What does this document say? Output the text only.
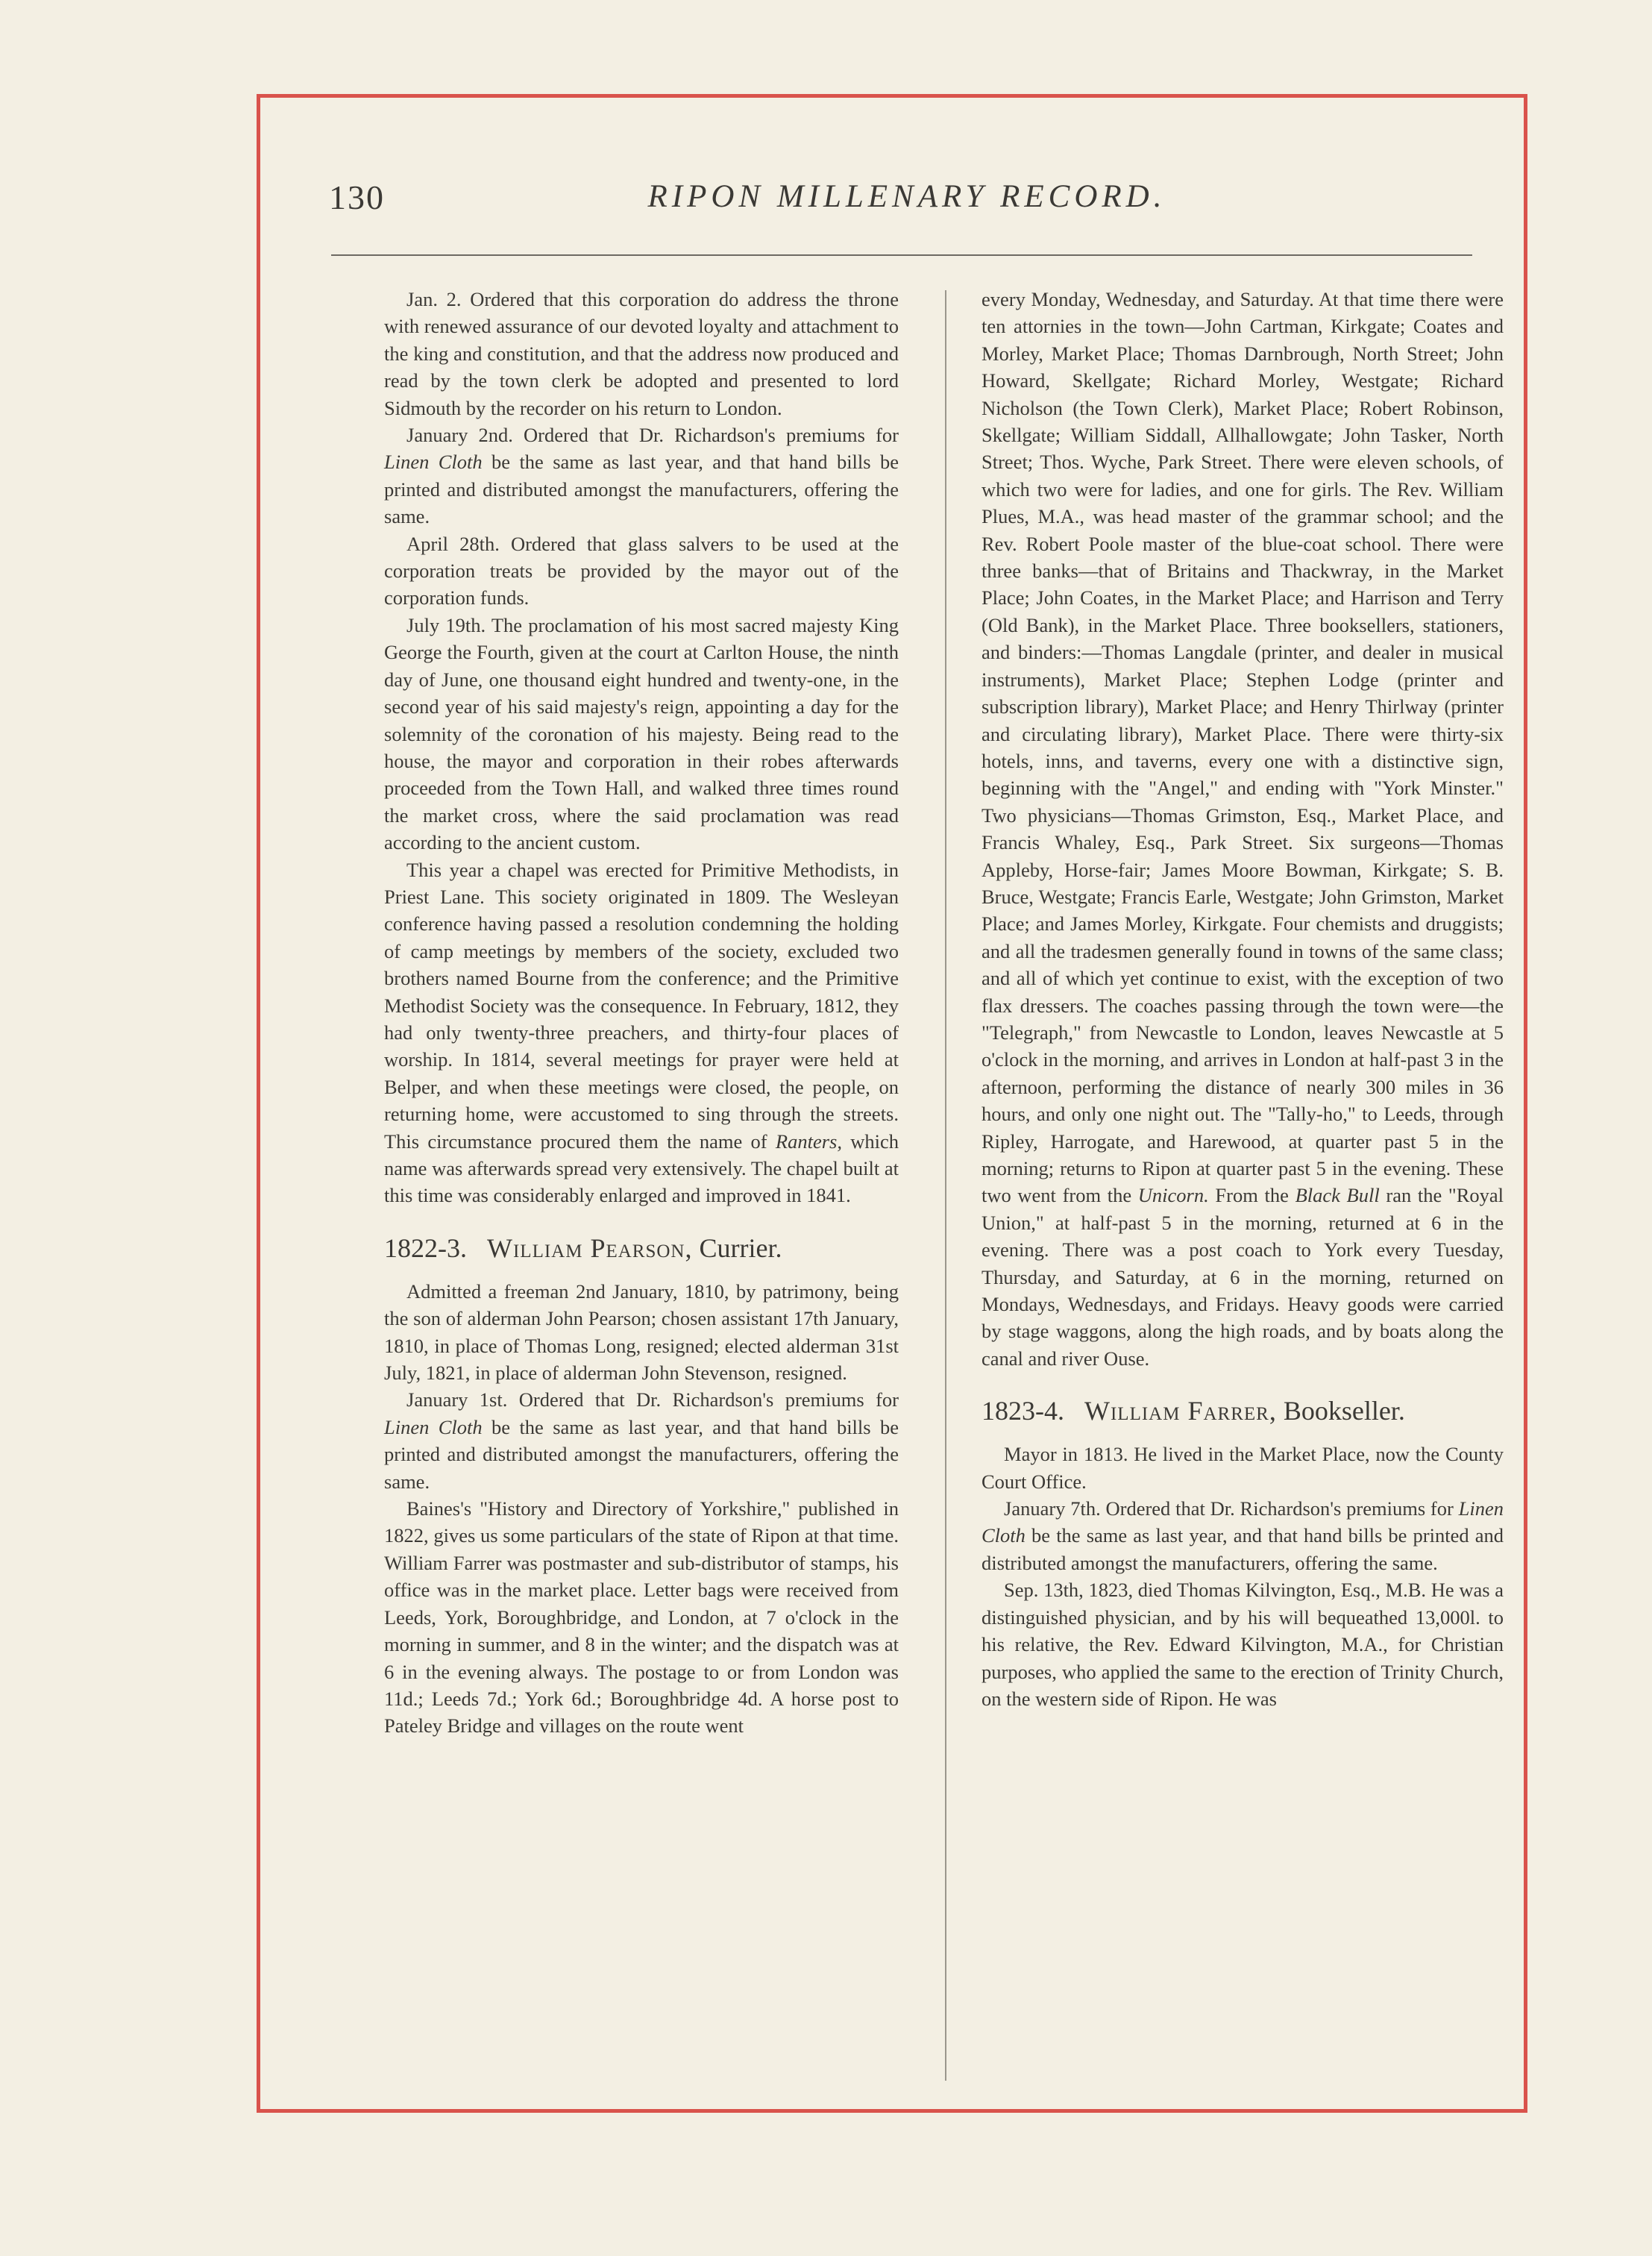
130	RIPON MILLENARY RECORD.

Jan. 2. Ordered that this corporation do address the throne with renewed assurance of our devoted loyalty and attachment to the king and constitution, and that the address now produced and read by the town clerk be adopted and presented to lord Sidmouth by the recorder on his return to London.

January 2nd. Ordered that Dr. Richardson's premiums for Linen Cloth be the same as last year, and that hand bills be printed and distributed amongst the manufacturers, offering the same.

April 28th. Ordered that glass salvers to be used at the corporation treats be provided by the mayor out of the corporation funds.

July 19th. The proclamation of his most sacred majesty King George the Fourth, given at the court at Carlton House, the ninth day of June, one thousand eight hundred and twenty-one, in the second year of his said majesty's reign, appointing a day for the solemnity of the coronation of his majesty. Being read to the house, the mayor and corporation in their robes afterwards proceeded from the Town Hall, and walked three times round the market cross, where the said proclamation was read according to the ancient custom.

This year a chapel was erected for Primitive Methodists, in Priest Lane. This society originated in 1809. The Wesleyan conference having passed a resolution condemning the holding of camp meetings by members of the society, excluded two brothers named Bourne from the conference; and the Primitive Methodist Society was the consequence. In February, 1812, they had only twenty-three preachers, and thirty-four places of worship. In 1814, several meetings for prayer were held at Belper, and when these meetings were closed, the people, on returning home, were accustomed to sing through the streets. This circumstance procured them the name of Ranters, which name was afterwards spread very extensively. The chapel built at this time was considerably enlarged and improved in 1841.

1822-3. William Pearson, Currier.

Admitted a freeman 2nd January, 1810, by patrimony, being the son of alderman John Pearson; chosen assistant 17th January, 1810, in place of Thomas Long, resigned; elected alderman 31st July, 1821, in place of alderman John Stevenson, resigned.

January 1st. Ordered that Dr. Richardson's premiums for Linen Cloth be the same as last year, and that hand bills be printed and distributed amongst the manufacturers, offering the same.

Baines's "History and Directory of Yorkshire," published in 1822, gives us some particulars of the state of Ripon at that time. William Farrer was postmaster and sub-distributor of stamps, his office was in the market place. Letter bags were received from Leeds, York, Boroughbridge, and London, at 7 o'clock in the morning in summer, and 8 in the winter; and the dispatch was at 6 in the evening always. The postage to or from London was 11d.; Leeds 7d.; York 6d.; Boroughbridge 4d. A horse post to Pateley Bridge and villages on the route went

every Monday, Wednesday, and Saturday. At that time there were ten attornies in the town—John Cartman, Kirkgate; Coates and Morley, Market Place; Thomas Darnbrough, North Street; John Howard, Skellgate; Richard Morley, Westgate; Richard Nicholson (the Town Clerk), Market Place; Robert Robinson, Skellgate; William Siddall, Allhallowgate; John Tasker, North Street; Thos. Wyche, Park Street. There were eleven schools, of which two were for ladies, and one for girls. The Rev. William Plues, M.A., was head master of the grammar school; and the Rev. Robert Poole master of the blue-coat school. There were three banks—that of Britains and Thackwray, in the Market Place; John Coates, in the Market Place; and Harrison and Terry (Old Bank), in the Market Place. Three booksellers, stationers, and binders:—Thomas Langdale (printer, and dealer in musical instruments), Market Place; Stephen Lodge (printer and subscription library), Market Place; and Henry Thirlway (printer and circulating library), Market Place. There were thirty-six hotels, inns, and taverns, every one with a distinctive sign, beginning with the "Angel," and ending with "York Minster." Two physicians—Thomas Grimston, Esq., Market Place, and Francis Whaley, Esq., Park Street. Six surgeons—Thomas Appleby, Horse-fair; James Moore Bowman, Kirkgate; S. B. Bruce, Westgate; Francis Earle, Westgate; John Grimston, Market Place; and James Morley, Kirkgate. Four chemists and druggists; and all the tradesmen generally found in towns of the same class; and all of which yet continue to exist, with the exception of two flax dressers. The coaches passing through the town were—the "Telegraph," from Newcastle to London, leaves Newcastle at 5 o'clock in the morning, and arrives in London at half-past 3 in the afternoon, performing the distance of nearly 300 miles in 36 hours, and only one night out. The "Tally-ho," to Leeds, through Ripley, Harrogate, and Harewood, at quarter past 5 in the morning; returns to Ripon at quarter past 5 in the evening. These two went from the Unicorn. From the Black Bull ran the "Royal Union," at half-past 5 in the morning, returned at 6 in the evening. There was a post coach to York every Tuesday, Thursday, and Saturday, at 6 in the morning, returned on Mondays, Wednesdays, and Fridays. Heavy goods were carried by stage waggons, along the high roads, and by boats along the canal and river Ouse.

1823-4. William Farrer, Bookseller.

Mayor in 1813. He lived in the Market Place, now the County Court Office.

January 7th. Ordered that Dr. Richardson's premiums for Linen Cloth be the same as last year, and that hand bills be printed and distributed amongst the manufacturers, offering the same.

Sep. 13th, 1823, died Thomas Kilvington, Esq., M.B. He was a distinguished physician, and by his will bequeathed 13,000l. to his relative, the Rev. Edward Kilvington, M.A., for Christian purposes, who applied the same to the erection of Trinity Church, on the western side of Ripon. He was
